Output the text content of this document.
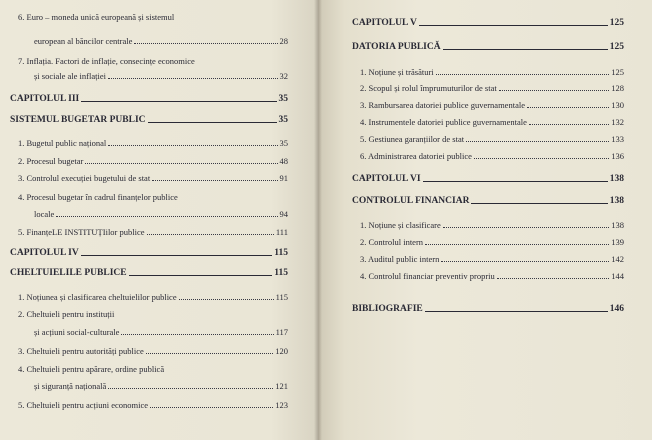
6. Euro – moneda unică europeană și sistemul
european al băncilor centrale	28
7. Inflația. Factori de inflație, consecințe economice
și sociale ale inflației	32
CAPITOLUL III	35
SISTEMUL BUGETAR PUBLIC	35
1. Bugetul public național	35
2. Procesul bugetar	48
3. Controlul execuției bugetului de stat	91
4. Procesul bugetar în cadrul finanțelor publice
locale	94
5. FinanțeLE INSTITUȚIilor publice	111
CAPITOLUL IV	115
CHELTUIELILE PUBLICE	115
1. Noțiunea și clasificarea cheltuielilor publice	115
2. Cheltuieli pentru instituții
și acțiuni social-culturale	117
3. Cheltuieli pentru autorități publice	120
4. Cheltuieli pentru apărare, ordine publică
și siguranță națională	121
5. Cheltuieli pentru acțiuni economice	123
CAPITOLUL V	125
DATORIA PUBLICĂ	125
1. Noțiune și trăsături	125
2. Scopul și rolul împrumuturilor de stat	128
3. Rambursarea datoriei publice guvernamentale	130
4. Instrumentele datoriei publice guvernamentale	132
5. Gestiunea garanțiilor de stat	133
6. Administrarea datoriei publice	136
CAPITOLUL VI	138
CONTROLUL FINANCIAR	138
1. Noțiune și clasificare	138
2. Controlul intern	139
3. Auditul public intern	142
4. Controlul financiar preventiv propriu	144
BIBLIOGRAFIE	146
